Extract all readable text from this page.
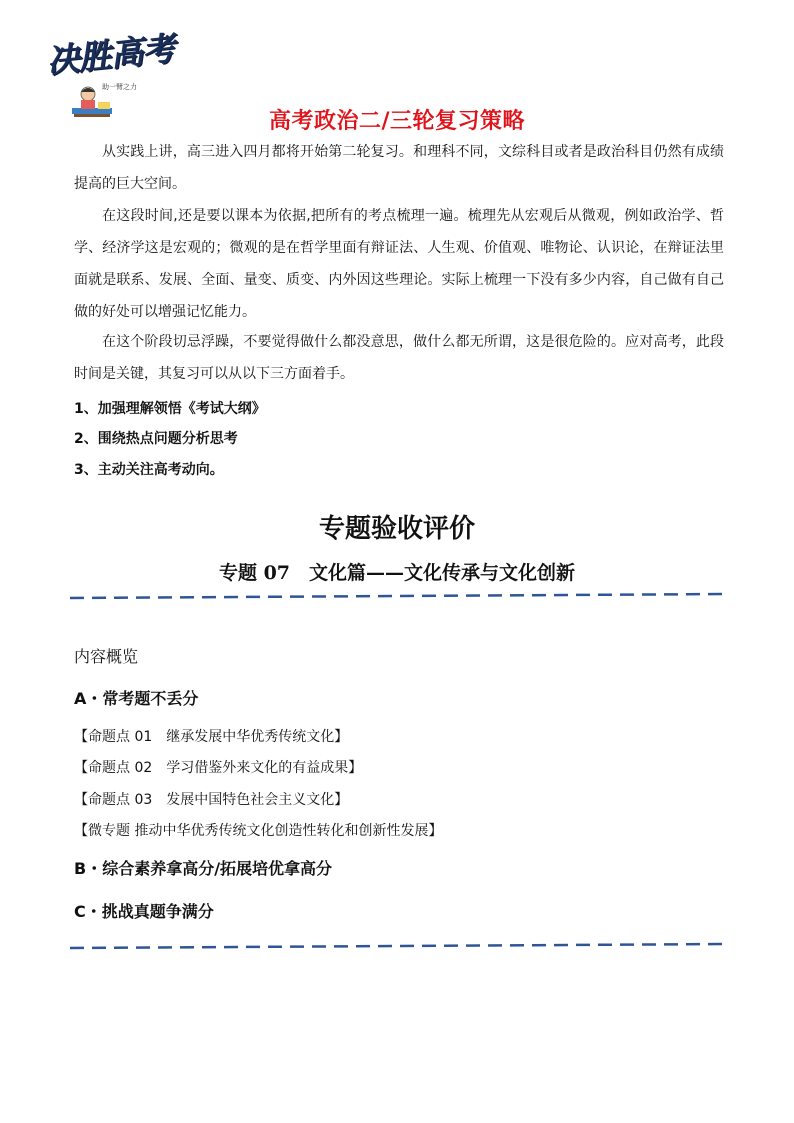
决胜高考
助一臂之力
高考政治二/三轮复习策略

从实践上讲，高三进入四月都将开始第二轮复习。和理科不同，文综科目或者是政治科目仍然有成绩提高的巨大空间。

在这段时间,还是要以课本为依据,把所有的考点梳理一遍。梳理先从宏观后从微观，例如政治学、哲学、经济学这是宏观的；微观的是在哲学里面有辩证法、人生观、价值观、唯物论、认识论，在辩证法里面就是联系、发展、全面、量变、质变、内外因这些理论。实际上梳理一下没有多少内容，自己做有自己做的好处可以增强记忆能力。

在这个阶段切忌浮躁，不要觉得做什么都没意思，做什么都无所谓，这是很危险的。应对高考，此段时间是关键，其复习可以从以下三方面着手。

1、加强理解领悟《考试大纲》
2、围绕热点问题分析思考
3、主动关注高考动向。
专题验收评价
专题 07　文化篇——文化传承与文化创新
内容概览
A・常考题不丢分
【命题点 01　继承发展中华优秀传统文化】
【命题点 02　学习借鉴外来文化的有益成果】
【命题点 03　发展中国特色社会主义文化】
【微专题 推动中华优秀传统文化创造性转化和创新性发展】
B・综合素养拿高分/拓展培优拿高分
C・挑战真题争满分
